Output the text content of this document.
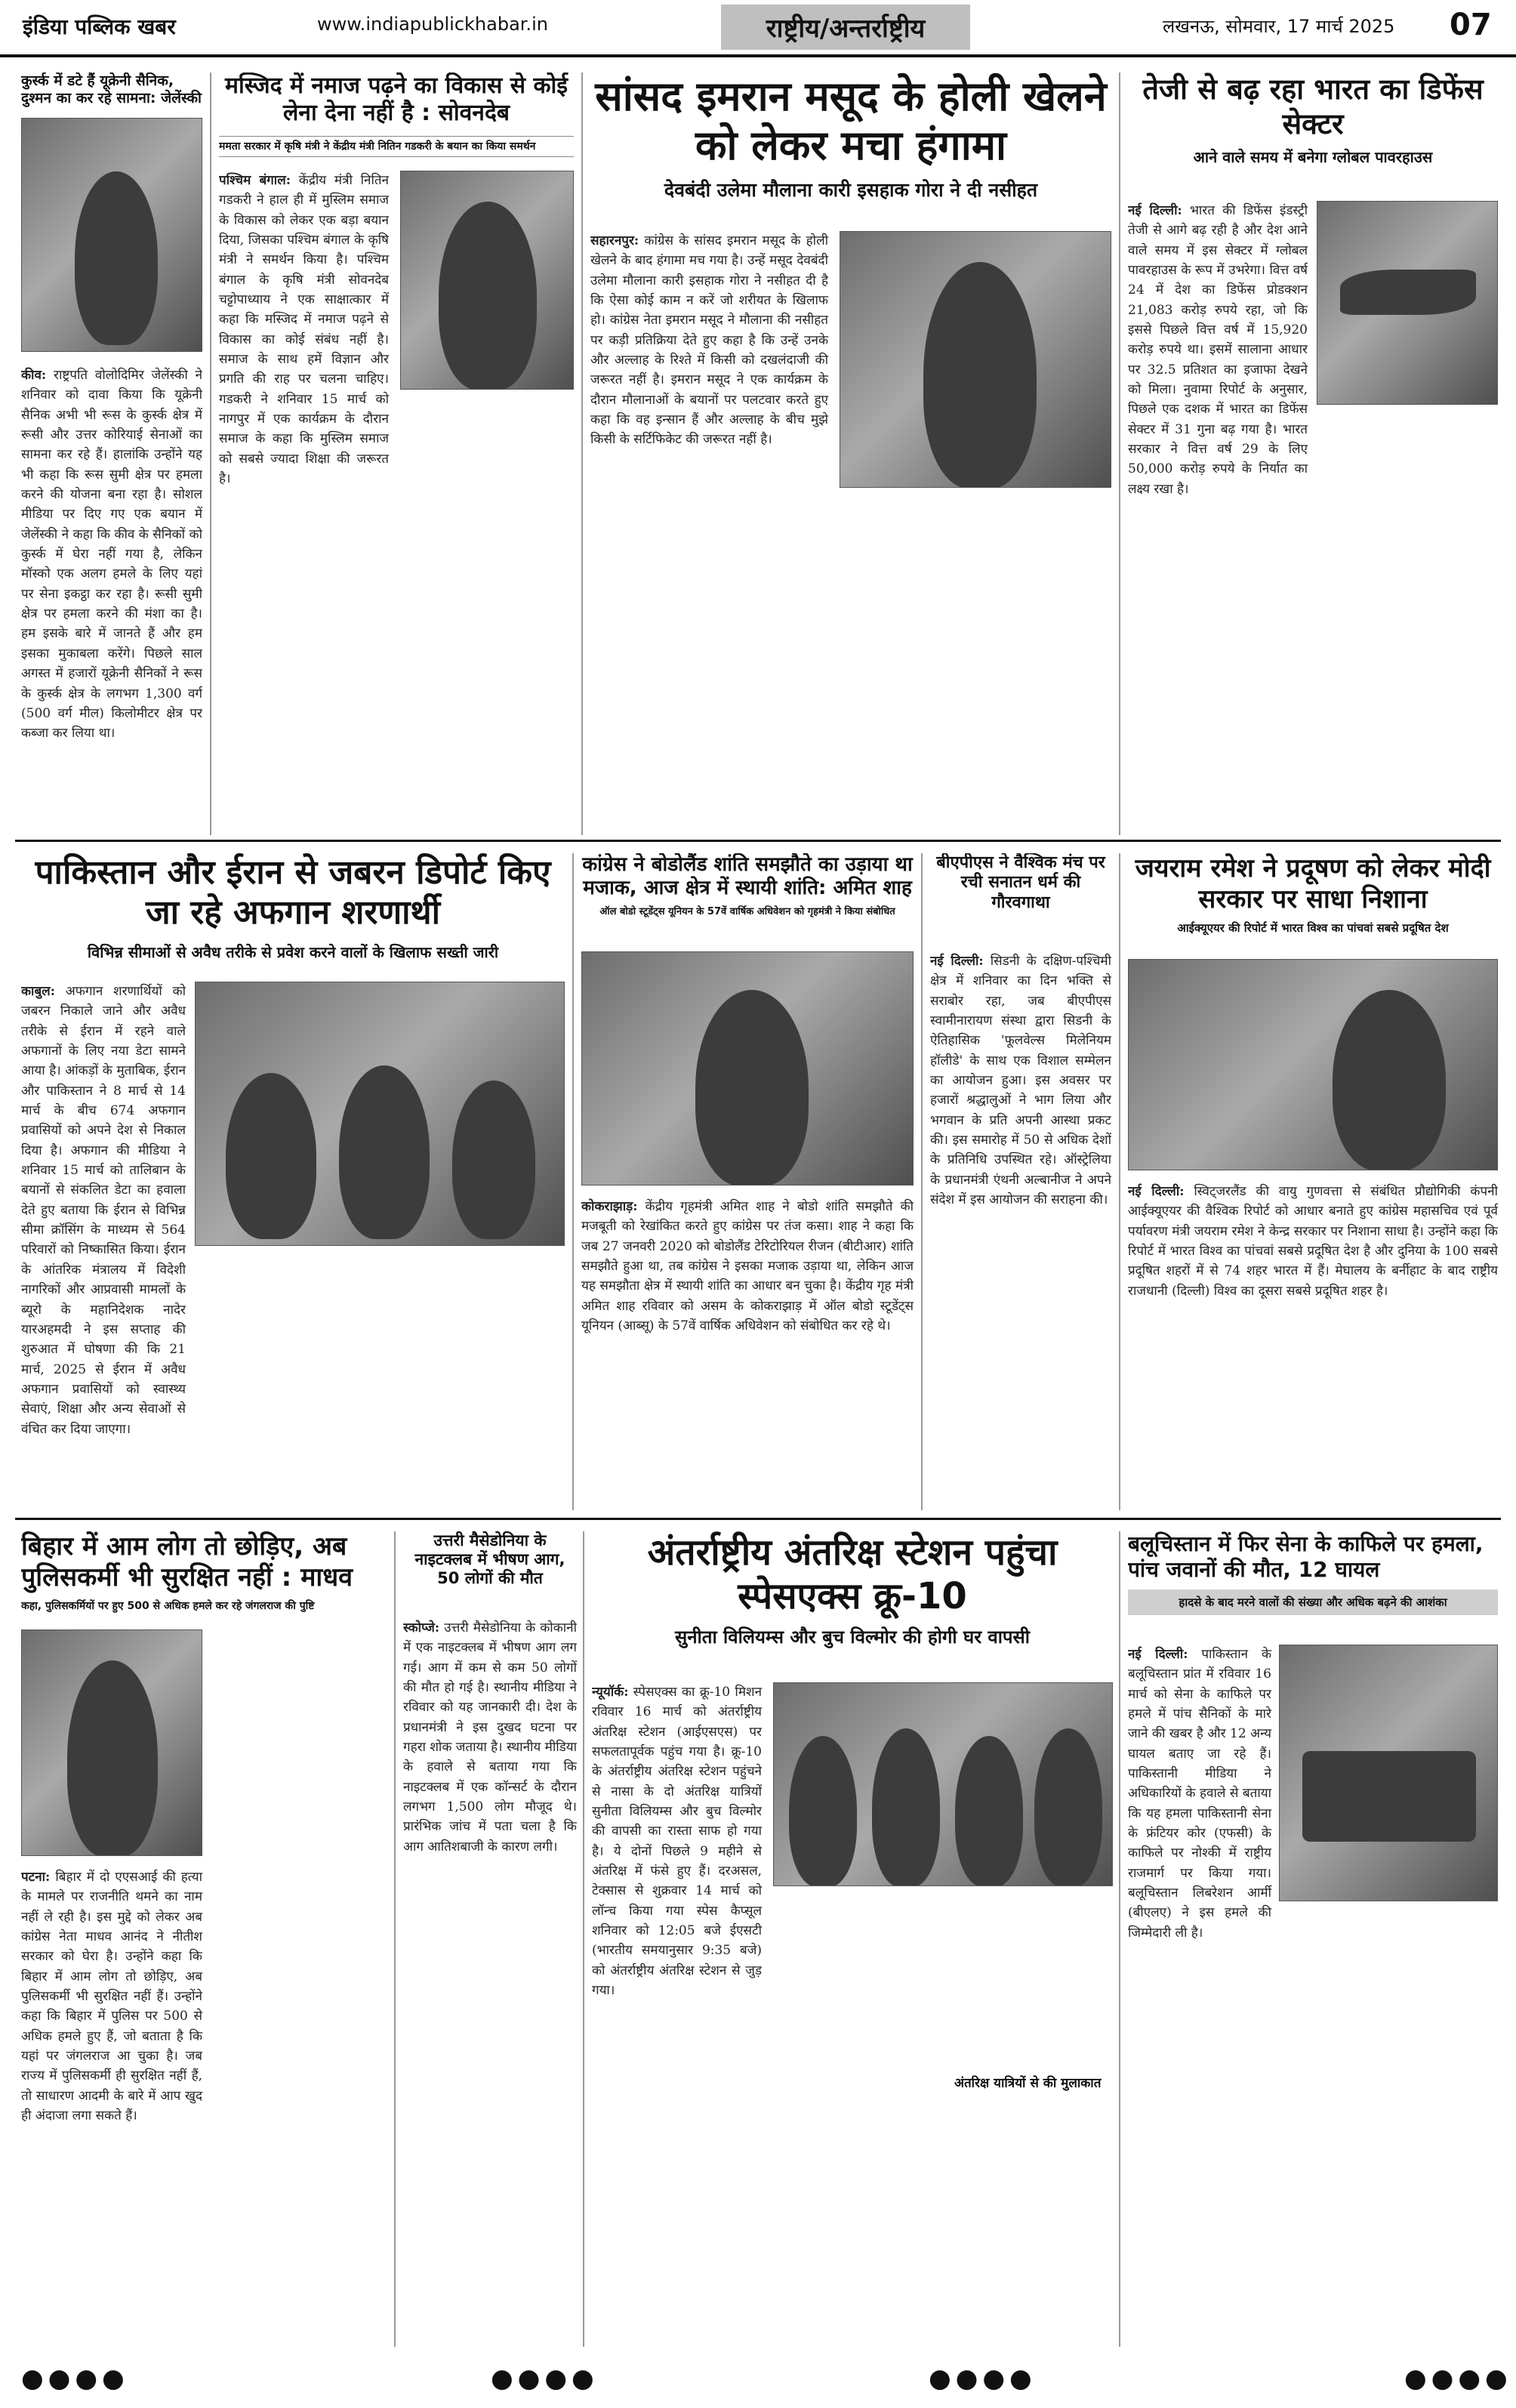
इंडिया पब्लिक खबर	www.indiapublickhabar.in	राष्ट्रीय/अन्तर्राष्ट्रीय	लखनऊ, सोमवार, 17 मार्च 2025 07
कुर्स्क में डटे हैं यूक्रेनी सैनिक, दुश्मन का कर रहे सामना: जेलेंस्की
कीव: राष्ट्रपति वोलोदिमिर जेलेंस्की ने शनिवार को दावा किया कि यूक्रेनी सैनिक अभी भी रूस के कुर्स्क क्षेत्र में रूसी और उत्तर कोरियाई सेनाओं का सामना कर रहे हैं। हालांकि उन्होंने यह भी कहा कि रूस सुमी क्षेत्र पर हमला करने की योजना बना रहा है। सोशल मीडिया पर दिए गए एक बयान में जेलेंस्की ने कहा कि कीव के सैनिकों को कुर्स्क में घेरा नहीं गया है, लेकिन मॉस्को एक अलग हमले के लिए यहां पर सेना इकट्ठा कर रहा है। रूसी सुमी क्षेत्र पर हमला करने की मंशा का है। हम इसके बारे में जानते हैं और हम इसका मुकाबला करेंगे। पिछले साल अगस्त में हजारों यूक्रेनी सैनिकों ने रूस के कुर्स्क क्षेत्र के लगभग 1,300 वर्ग (500 वर्ग मील) किलोमीटर क्षेत्र पर कब्जा कर लिया था।
मस्जिद में नमाज पढ़ने का विकास से कोई लेना देना नहीं है : सोवनदेब
ममता सरकार में कृषि मंत्री ने केंद्रीय मंत्री नितिन गडकरी के बयान का किया समर्थन
पश्चिम बंगाल: केंद्रीय मंत्री नितिन गडकरी ने हाल ही में मुस्लिम समाज के विकास को लेकर एक बड़ा बयान दिया, जिसका पश्चिम बंगाल के कृषि मंत्री ने समर्थन किया है। पश्चिम बंगाल के कृषि मंत्री सोवनदेब चट्टोपाध्याय ने एक साक्षात्कार में कहा कि मस्जिद में नमाज पढ़ने से विकास का कोई संबंध नहीं है। समाज के साथ हमें विज्ञान और प्रगति की राह पर चलना चाहिए। गडकरी ने शनिवार 15 मार्च को नागपुर में एक कार्यक्रम के दौरान समाज के कहा कि मुस्लिम समाज को सबसे ज्यादा शिक्षा की जरूरत है।
सांसद इमरान मसूद के होली खेलने को लेकर मचा हंगामा
देवबंदी उलेमा मौलाना कारी इसहाक गोरा ने दी नसीहत
सहारनपुर: कांग्रेस के सांसद इमरान मसूद के होली खेलने के बाद हंगामा मच गया है। उन्हें मसूद देवबंदी उलेमा मौलाना कारी इसहाक गोरा ने नसीहत दी है कि ऐसा कोई काम न करें जो शरीयत के खिलाफ हो। कांग्रेस नेता इमरान मसूद ने मौलाना की नसीहत पर कड़ी प्रतिक्रिया देते हुए कहा है कि उन्हें उनके और अल्लाह के रिश्ते में किसी को दखलंदाजी की जरूरत नहीं है। इमरान मसूद ने एक कार्यक्रम के दौरान मौलानाओं के बयानों पर पलटवार करते हुए कहा कि वह इन्सान हैं और अल्लाह के बीच मुझे किसी के सर्टिफिकेट की जरूरत नहीं है।
तेजी से बढ़ रहा भारत का डिफेंस सेक्टर
आने वाले समय में बनेगा ग्लोबल पावरहाउस
नई दिल्ली: भारत की डिफेंस इंडस्ट्री तेजी से आगे बढ़ रही है और देश आने वाले समय में इस सेक्टर में ग्लोबल पावरहाउस के रूप में उभरेगा। वित्त वर्ष 24 में देश का डिफेंस प्रोडक्शन 21,083 करोड़ रुपये रहा, जो कि इससे पिछले वित्त वर्ष में 15,920 करोड़ रुपये था। इसमें सालाना आधार पर 32.5 प्रतिशत का इजाफा देखने को मिला। नुवामा रिपोर्ट के अनुसार, पिछले एक दशक में भारत का डिफेंस सेक्टर में 31 गुना बढ़ गया है। भारत सरकार ने वित्त वर्ष 29 के लिए 50,000 करोड़ रुपये के निर्यात का लक्ष्य रखा है।
पाकिस्तान और ईरान से जबरन डिपोर्ट किए जा रहे अफगान शरणार्थी
विभिन्न सीमाओं से अवैध तरीके से प्रवेश करने वालों के खिलाफ सख्ती जारी
काबुल: अफगान शरणार्थियों को जबरन निकाले जाने और अवैध तरीके से ईरान में रहने वाले अफगानों के लिए नया डेटा सामने आया है। आंकड़ों के मुताबिक, ईरान और पाकिस्तान ने 8 मार्च से 14 मार्च के बीच 674 अफगान प्रवासियों को अपने देश से निकाल दिया है। अफगान की मीडिया ने शनिवार 15 मार्च को तालिबान के बयानों से संकलित डेटा का हवाला देते हुए बताया कि ईरान से विभिन्न सीमा क्रॉसिंग के माध्यम से 564 परिवारों को निष्कासित किया। ईरान के आंतरिक मंत्रालय में विदेशी नागरिकों और आप्रवासी मामलों के ब्यूरो के महानिदेशक नादेर यारअहमदी ने इस सप्ताह की शुरुआत में घोषणा की कि 21 मार्च, 2025 से ईरान में अवैध अफगान प्रवासियों को स्वास्थ्य सेवाएं, शिक्षा और अन्य सेवाओं से वंचित कर दिया जाएगा।
कांग्रेस ने बोडोलैंड शांति समझौते का उड़ाया था मजाक, आज क्षेत्र में स्थायी शांति: अमित शाह
ऑल बोडो स्टूडेंट्स यूनियन के 57वें वार्षिक अधिवेशन को गृहमंत्री ने किया संबोधित
कोकराझाड़: केंद्रीय गृहमंत्री अमित शाह ने बोडो शांति समझौते की मजबूती को रेखांकित करते हुए कांग्रेस पर तंज कसा। शाह ने कहा कि जब 27 जनवरी 2020 को बोडोलैंड टेरिटोरियल रीजन (बीटीआर) शांति समझौते हुआ था, तब कांग्रेस ने इसका मजाक उड़ाया था, लेकिन आज यह समझौता क्षेत्र में स्थायी शांति का आधार बन चुका है। केंद्रीय गृह मंत्री अमित शाह रविवार को असम के कोकराझाड़ में ऑल बोडो स्टूडेंट्स यूनियन (आब्सू) के 57वें वार्षिक अधिवेशन को संबोधित कर रहे थे।
बीएपीएस ने वैश्विक मंच पर रची सनातन धर्म की गौरवगाथा
नई दिल्ली: सिडनी के दक्षिण-पश्चिमी क्षेत्र में शनिवार का दिन भक्ति से सराबोर रहा, जब बीएपीएस स्वामीनारायण संस्था द्वारा सिडनी के ऐतिहासिक 'फूलवेल्स मिलेनियम हॉलीडे' के साथ एक विशाल सम्मेलन का आयोजन हुआ। इस अवसर पर हजारों श्रद्धालुओं ने भाग लिया और भगवान के प्रति अपनी आस्था प्रकट की। इस समारोह में 50 से अधिक देशों के प्रतिनिधि उपस्थित रहे। ऑस्ट्रेलिया के प्रधानमंत्री एंथनी अल्बानीज ने अपने संदेश में इस आयोजन की सराहना की।
जयराम रमेश ने प्रदूषण को लेकर मोदी सरकार पर साधा निशाना
आईक्यूएयर की रिपोर्ट में भारत विश्व का पांचवां सबसे प्रदूषित देश
नई दिल्ली: स्विट्जरलैंड की वायु गुणवत्ता से संबंधित प्रौद्योगिकी कंपनी आईक्यूएयर की वैश्विक रिपोर्ट को आधार बनाते हुए कांग्रेस महासचिव एवं पूर्व पर्यावरण मंत्री जयराम रमेश ने केन्द्र सरकार पर निशाना साधा है। उन्होंने कहा कि रिपोर्ट में भारत विश्व का पांचवां सबसे प्रदूषित देश है और दुनिया के 100 सबसे प्रदूषित शहरों में से 74 शहर भारत में हैं। मेघालय के बर्नीहाट के बाद राष्ट्रीय राजधानी (दिल्ली) विश्व का दूसरा सबसे प्रदूषित शहर है।
बिहार में आम लोग तो छोड़िए, अब पुलिसकर्मी भी सुरक्षित नहीं : माधव
कहा, पुलिसकर्मियों पर हुए 500 से अधिक हमले कर रहे जंगलराज की पुष्टि
पटना: बिहार में दो एएसआई की हत्या के मामले पर राजनीति थमने का नाम नहीं ले रही है। इस मुद्दे को लेकर अब कांग्रेस नेता माधव आनंद ने नीतीश सरकार को घेरा है। उन्होंने कहा कि बिहार में आम लोग तो छोड़िए, अब पुलिसकर्मी भी सुरक्षित नहीं हैं। उन्होंने कहा कि बिहार में पुलिस पर 500 से अधिक हमले हुए हैं, जो बताता है कि यहां पर जंगलराज आ चुका है। जब राज्य में पुलिसकर्मी ही सुरक्षित नहीं हैं, तो साधारण आदमी के बारे में आप खुद ही अंदाजा लगा सकते हैं।
उत्तरी मैसेडोनिया के नाइटक्लब में भीषण आग, 50 लोगों की मौत
स्कोप्जे: उत्तरी मैसेडोनिया के कोकानी में एक नाइटक्लब में भीषण आग लग गई। आग में कम से कम 50 लोगों की मौत हो गई है। स्थानीय मीडिया ने रविवार को यह जानकारी दी। देश के प्रधानमंत्री ने इस दुखद घटना पर गहरा शोक जताया है। स्थानीय मीडिया के हवाले से बताया गया कि नाइटक्लब में एक कॉन्सर्ट के दौरान लगभग 1,500 लोग मौजूद थे। प्रारंभिक जांच में पता चला है कि आग आतिशबाजी के कारण लगी।
अंतर्राष्ट्रीय अंतरिक्ष स्टेशन पहुंचा स्पेसएक्स क्रू-10
सुनीता विलियम्स और बुच विल्मोर की होगी घर वापसी
न्यूयॉर्क: स्पेसएक्स का क्रू-10 मिशन रविवार 16 मार्च को अंतर्राष्ट्रीय अंतरिक्ष स्टेशन (आईएसएस) पर सफलतापूर्वक पहुंच गया है। क्रू-10 के अंतर्राष्ट्रीय अंतरिक्ष स्टेशन पहुंचने से नासा के दो अंतरिक्ष यात्रियों सुनीता विलियम्स और बुच विल्मोर की वापसी का रास्ता साफ हो गया है। ये दोनों पिछले 9 महीने से अंतरिक्ष में फंसे हुए हैं। दरअसल, टेक्सास से शुक्रवार 14 मार्च को लॉन्च किया गया स्पेस कैप्सूल शनिवार को 12:05 बजे ईएसटी (भारतीय समयानुसार 9:35 बजे) को अंतर्राष्ट्रीय अंतरिक्ष स्टेशन से जुड़ गया।
अंतरिक्ष यात्रियों से की मुलाकात
बलूचिस्तान में फिर सेना के काफिले पर हमला, पांच जवानों की मौत, 12 घायल
हादसे के बाद मरने वालों की संख्या और अधिक बढ़ने की आशंका
नई दिल्ली: पाकिस्तान के बलूचिस्तान प्रांत में रविवार 16 मार्च को सेना के काफिले पर हमले में पांच सैनिकों के मारे जाने की खबर है और 12 अन्य घायल बताए जा रहे हैं। पाकिस्तानी मीडिया ने अधिकारियों के हवाले से बताया कि यह हमला पाकिस्तानी सेना के फ्रंटियर कोर (एफसी) के काफिले पर नोश्की में राष्ट्रीय राजमार्ग पर किया गया। बलूचिस्तान लिबरेशन आर्मी (बीएलए) ने इस हमले की जिम्मेदारी ली है।
●●●●	●●●●	●●●●	●●●●
